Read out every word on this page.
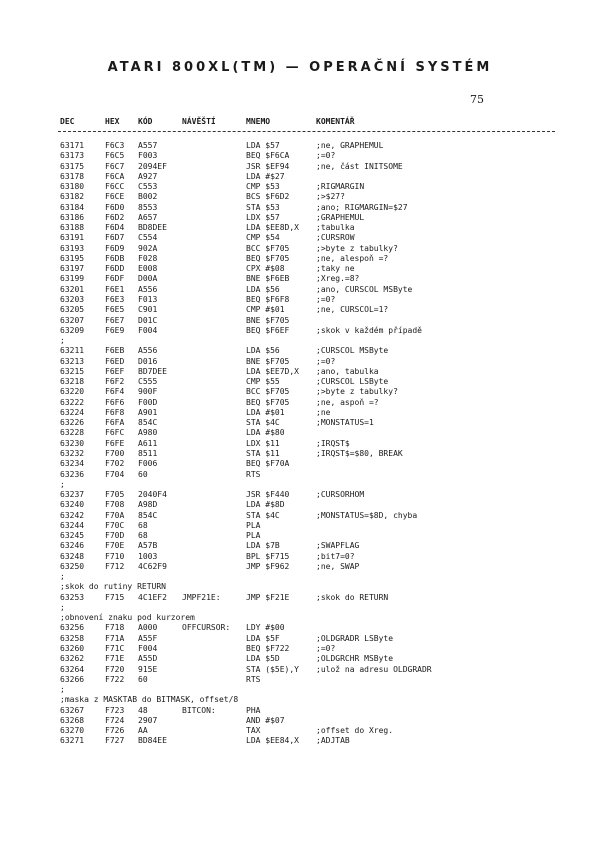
ATARI 800XL(TM) — OPERAČNÍ SYSTÉM
75
DEC	HEX KÓD	NÁVĚŠTÍ	MNEMO	KOMENTÁŘ
63171	F6C3 A557	LDA $57	;ne, GRAPHEMUL
63173	F6C5 F003	BEQ $F6CA	;=0?
63175	F6C7 2094EF	JSR $EF94	;ne, část INITSOME
63178	F6CA A927	LDA #$27
63180	F6CC C553	CMP $53	;RIGMARGIN
63182	F6CE B002	BCS $F6D2	;>$27?
63184	F6D0 8553	STA $53	;ano; RIGMARGIN=$27
63186	F6D2 A657	LDX $57	;GRAPHEMUL
63188	F6D4 BD8DEE	LDA $EE8D,X ;tabulka
63191	F6D7 C554	CMP $54	;CURSROW
63193	F6D9 902A	BCC $F705	;>byte z tabulky?
63195	F6DB F028	BEQ $F705	;ne, alespoň =?
63197	F6DD E008	CPX #$08	;taky ne
63199	F6DF D00A	BNE $F6EB	;Xreg.=8?
63201	F6E1 A556	LDA $56	;ano, CURSCOL MSByte
63203	F6E3 F013	BEQ $F6F8	;=0?
63205	F6E5 C901	CMP #$01	;ne, CURSCOL=1?
63207	F6E7 D01C	BNE $F705
63209	F6E9 F004	BEQ $F6EF	;skok v každém případě
;
63211	F6EB A556	LDA $56	;CURSCOL MSByte
63213	F6ED D016	BNE $F705	;=0?
63215	F6EF BD7DEE	LDA $EE7D,X ;ano, tabulka
63218	F6F2 C555	CMP $55	;CURSCOL LSByte
63220	F6F4 900F	BCC $F705	;>byte z tabulky?
63222	F6F6 F00D	BEQ $F705	;ne, aspoň =?
63224	F6F8 A901	LDA #$01	;ne
63226	F6FA 854C	STA $4C	;MONSTATUS=1
63228	F6FC A980	LDA #$80
63230	F6FE A611	LDX $11	;IRQST$
63232	F700 8511	STA $11	;IRQST$=$80, BREAK
63234	F702 F006	BEQ $F70A
63236	F704 60	RTS
;
63237	F705 2040F4	JSR $F440	;CURSORHOM
63240	F708 A98D	LDA #$8D
63242	F70A 854C	STA $4C	;MONSTATUS=$8D, chyba
63244	F70C 68	PLA
63245	F70D 68	PLA
63246	F70E A57B	LDA $7B	;SWAPFLAG
63248	F710 1003	BPL $F715	;bit7=0?
63250	F712 4C62F9	JMP $F962	;ne, SWAP
;
;skok do rutiny RETURN
63253	F715 4C1EF2 JMPF21E:	JMP $F21E	;skok do RETURN
;
;obnovení znaku pod kurzorem
63256	F718 A000	OFFCURSOR: LDY #$00
63258	F71A A55F	LDA $5F	;OLDGRADR LSByte
63260	F71C F004	BEQ $F722	;=0?
63262	F71E A55D	LDA $5D	;OLDGRCHR MSByte
63264	F720 915E	STA ($5E),Y ;ulož na adresu OLDGRADR
63266	F722 60	RTS
;
;maska z MASKTAB do BITMASK, offset/8
63267	F723 48	BITCON:	PHA
63268	F724 2907	AND #$07
63270	F726 AA	TAX	;offset do Xreg.
63271	F727 BD84EE	LDA $EE84,X ;ADJTAB
